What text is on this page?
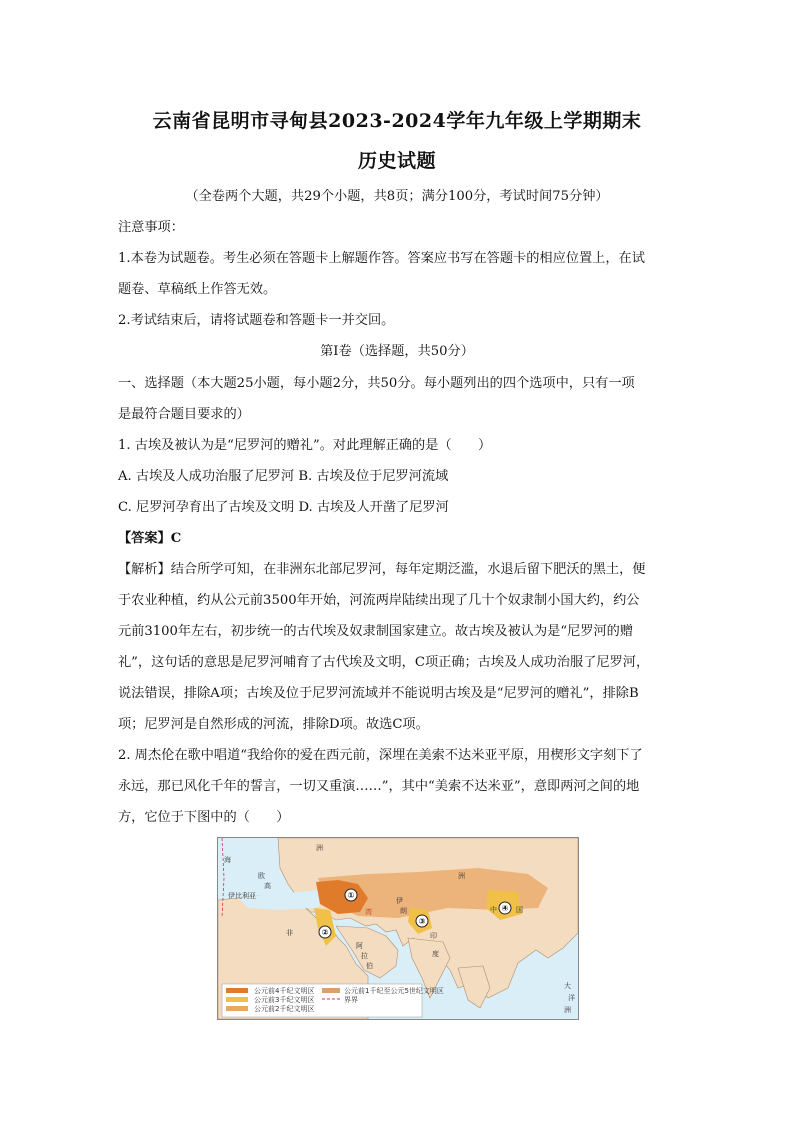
云南省昆明市寻甸县2023-2024学年九年级上学期期末
历史试题
（全卷两个大题，共29个小题，共8页；满分100分，考试时间75分钟）
注意事项：
1.本卷为试题卷。考生必须在答题卡上解题作答。答案应书写在答题卡的相应位置上，在试
题卷、草稿纸上作答无效。
2.考试结束后，请将试题卷和答题卡一并交回。
第Ⅰ卷（选择题，共50分）
一、选择题（本大题25小题，每小题2分，共50分。每小题列出的四个选项中，只有一项
是最符合题目要求的）
1. 古埃及被认为是“尼罗河的赠礼”。对此理解正确的是（　　）
A. 古埃及人成功治服了尼罗河 B. 古埃及位于尼罗河流域
C. 尼罗河孕育出了古埃及文明 D. 古埃及人开凿了尼罗河
【答案】C
【解析】结合所学可知，在非洲东北部尼罗河，每年定期泛滥，水退后留下肥沃的黑土，便
于农业种植，约从公元前3500年开始，河流两岸陆续出现了几十个奴隶制小国大约，约公
元前3100年左右，初步统一的古代埃及奴隶制国家建立。故古埃及被认为是“尼罗河的赠
礼”，这句话的意思是尼罗河哺育了古代埃及文明，C项正确；古埃及人成功治服了尼罗河，
说法错误，排除A项；古埃及位于尼罗河流域并不能说明古埃及是“尼罗河的赠礼”，排除B
项；尼罗河是自然形成的河流，排除D项。故选C项。
2. 周杰伦在歌中唱道“我给你的爱在西元前，深埋在美索不达米亚平原，用楔形文字刻下了
永远，那已风化千年的誓言，一切又重演……”，其中“美索不达米亚”，意即两河之间的地
方，它位于下图中的（　　）
欧
高
伊比利亚
非
阿
拉
伯
伊
朗
印
度
洲
洲
中	国
大
洋
洲
海
湾
①
②
③
④
公元前4千纪文明区
公元前3千纪文明区
公元前2千纪文明区
公元前1千纪至公元5世纪文明区
界界
